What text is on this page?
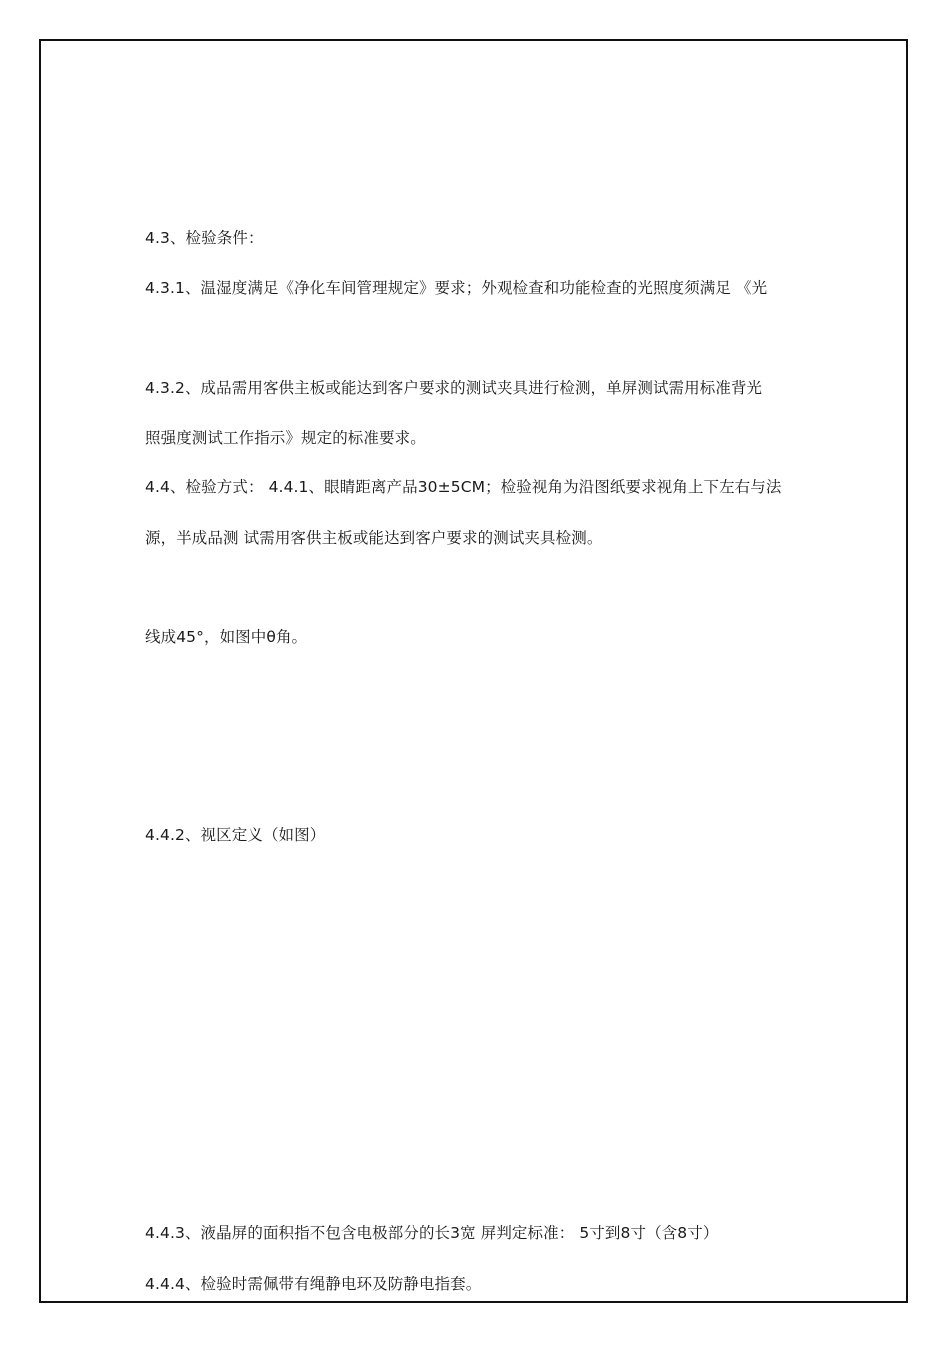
4.3、检验条件：

4.3.1、温湿度满足《净化车间管理规定》要求；外观检查和功能检查的光照度须满足 《光

照强度测试工作指示》规定的标准要求。

4.3.2、成品需用客供主板或能达到客户要求的测试夹具进行检测，单屏测试需用标准背光

源，半成品测 试需用客供主板或能达到客户要求的测试夹具检测。

4.4、检验方式： 4.4.1、眼睛距离产品30±5CM；检验视角为沿图纸要求视角上下左右与法

线成45°，如图中θ角。

4.4.2、视区定义（如图）

4.4.3、液晶屏的面积指不包含电极部分的长3宽 屏判定标准： 5寸到8寸（含8寸）

4.4.4、检验时需佩带有绳静电环及防静电指套。
